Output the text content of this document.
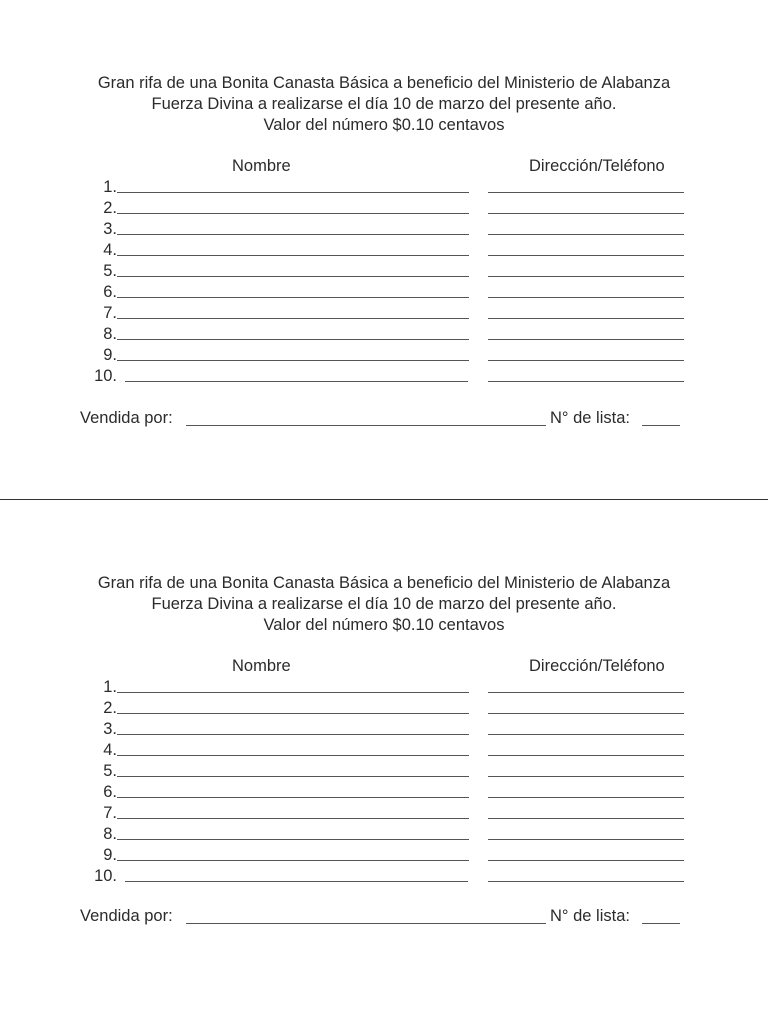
Gran rifa de una Bonita Canasta Básica a beneficio del Ministerio de Alabanza
Fuerza Divina a realizarse el día 10 de marzo del presente año.
Valor del número $0.10 centavos
Nombre	Dirección/Teléfono
1.
2.
3.
4.
5.
6.
7.
8.
9.
10.
Vendida por:	N° de lista:
Gran rifa de una Bonita Canasta Básica a beneficio del Ministerio de Alabanza
Fuerza Divina a realizarse el día 10 de marzo del presente año.
Valor del número $0.10 centavos
Nombre	Dirección/Teléfono
1.
2.
3.
4.
5.
6.
7.
8.
9.
10.
Vendida por:	N° de lista:
